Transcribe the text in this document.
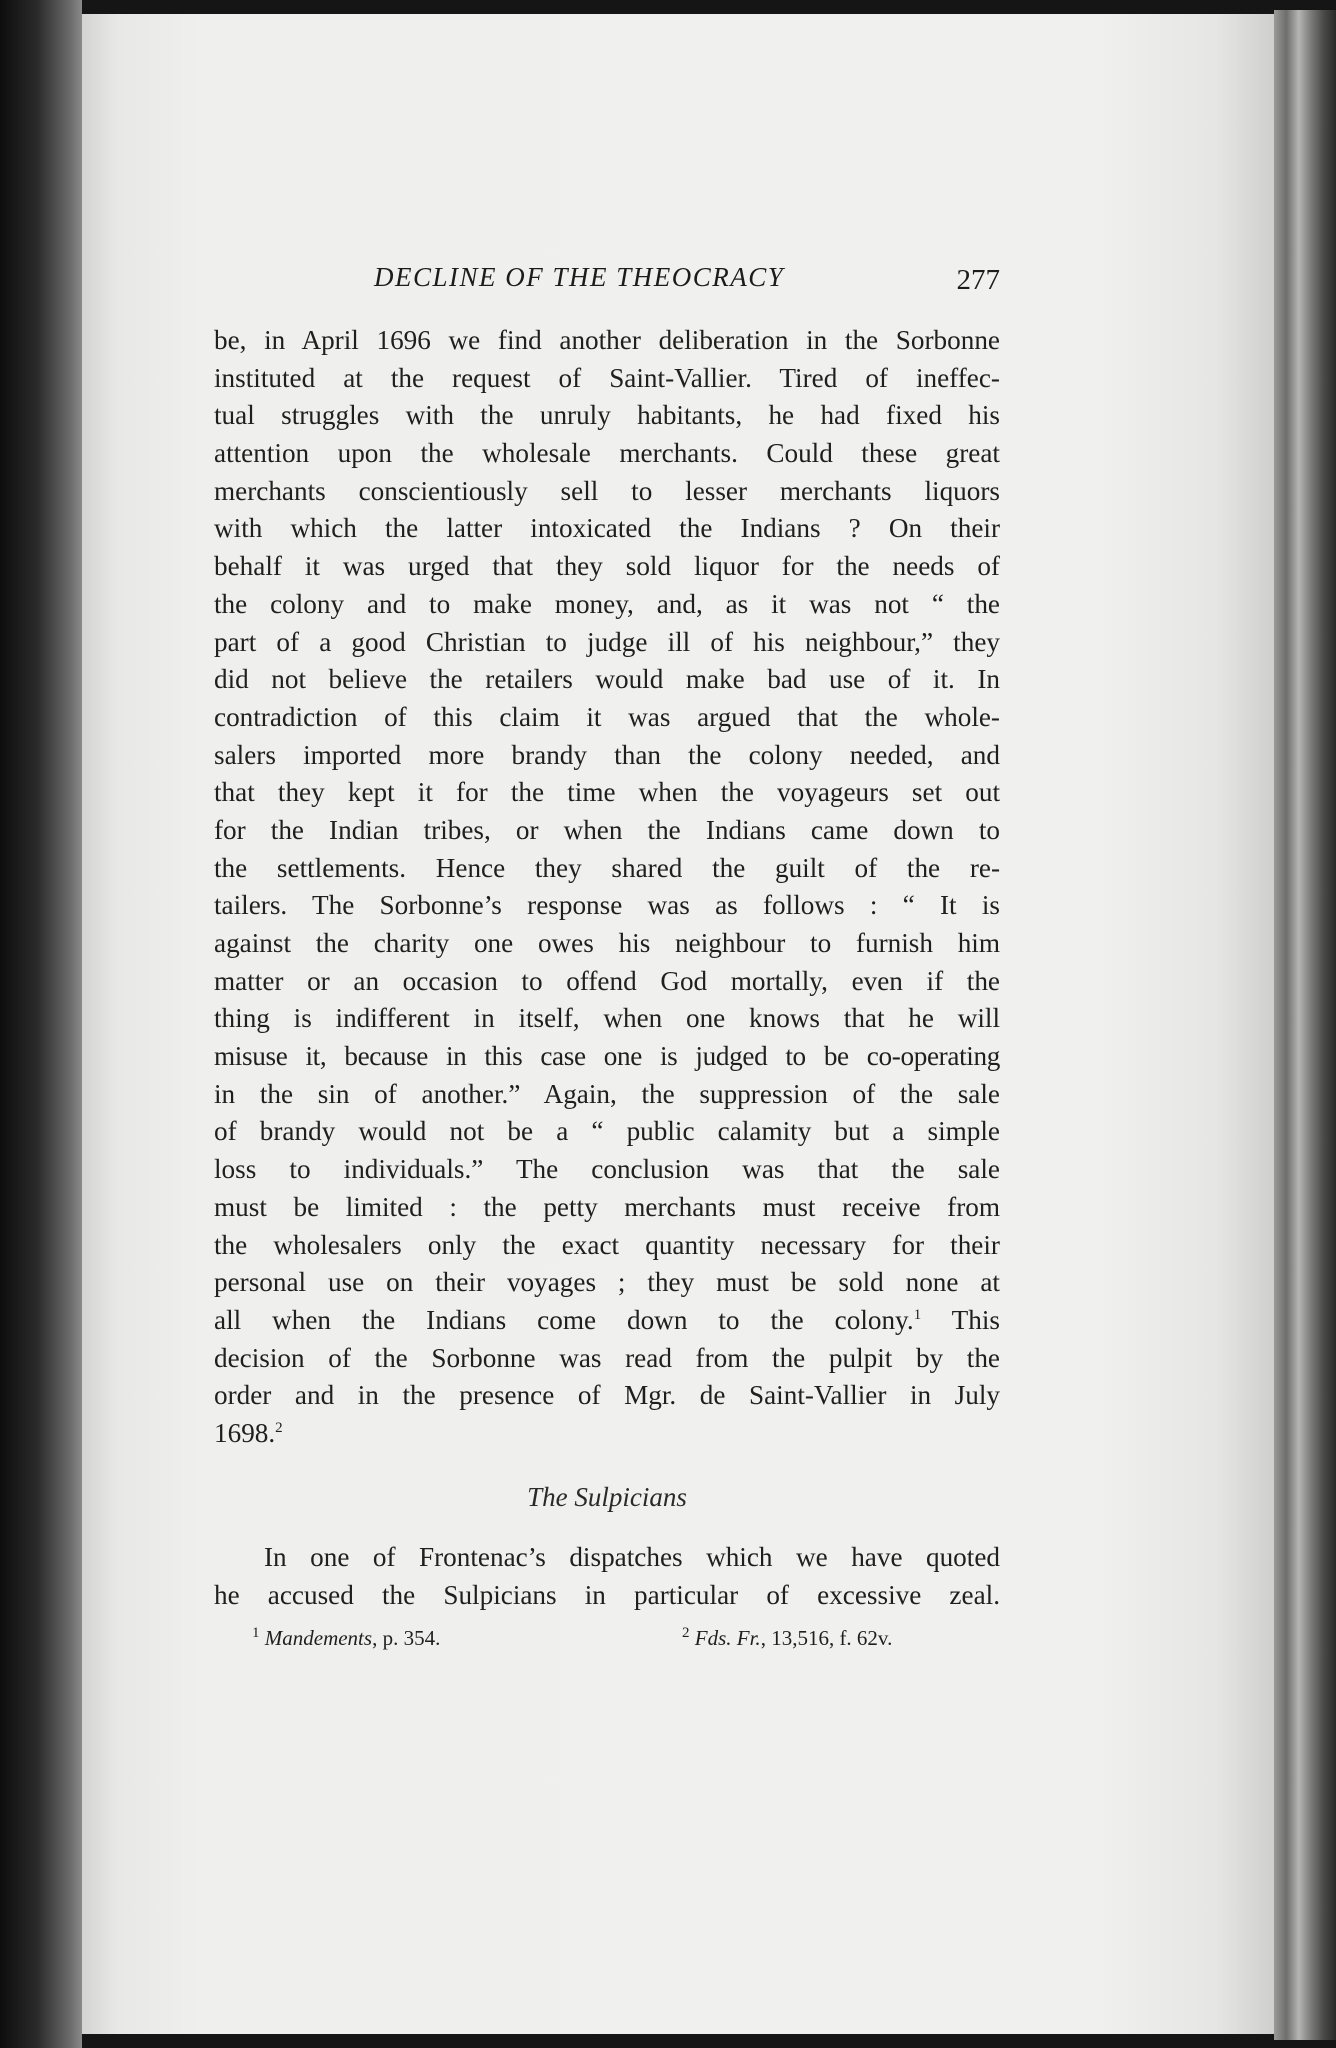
DECLINE OF THE THEOCRACY	277
be, in April 1696 we find another deliberation in the Sorbonne
instituted at the request of Saint-Vallier. Tired of ineffec-
tual struggles with the unruly habitants, he had fixed his
attention upon the wholesale merchants. Could these great
merchants conscientiously sell to lesser merchants liquors
with which the latter intoxicated the Indians ? On their
behalf it was urged that they sold liquor for the needs of
the colony and to make money, and, as it was not “ the
part of a good Christian to judge ill of his neighbour,” they
did not believe the retailers would make bad use of it. In
contradiction of this claim it was argued that the whole-
salers imported more brandy than the colony needed, and
that they kept it for the time when the voyageurs set out
for the Indian tribes, or when the Indians came down to
the settlements. Hence they shared the guilt of the re-
tailers. The Sorbonne’s response was as follows : “ It is
against the charity one owes his neighbour to furnish him
matter or an occasion to offend God mortally, even if the
thing is indifferent in itself, when one knows that he will
misuse it, because in this case one is judged to be co-operating
in the sin of another.” Again, the suppression of the sale
of brandy would not be a “ public calamity but a simple
loss to individuals.” The conclusion was that the sale
must be limited : the petty merchants must receive from
the wholesalers only the exact quantity necessary for their
personal use on their voyages ; they must be sold none at
all when the Indians come down to the colony.$^1$ This
decision of the Sorbonne was read from the pulpit by the
order and in the presence of Mgr. de Saint-Vallier in July
1698.$^2$
The Sulpicians
In one of Frontenac’s dispatches which we have quoted
he accused the Sulpicians in particular of excessive zeal.
$^1$ Mandements, p. 354.	$^2$ Fds. Fr., 13,516, f. 62v.
